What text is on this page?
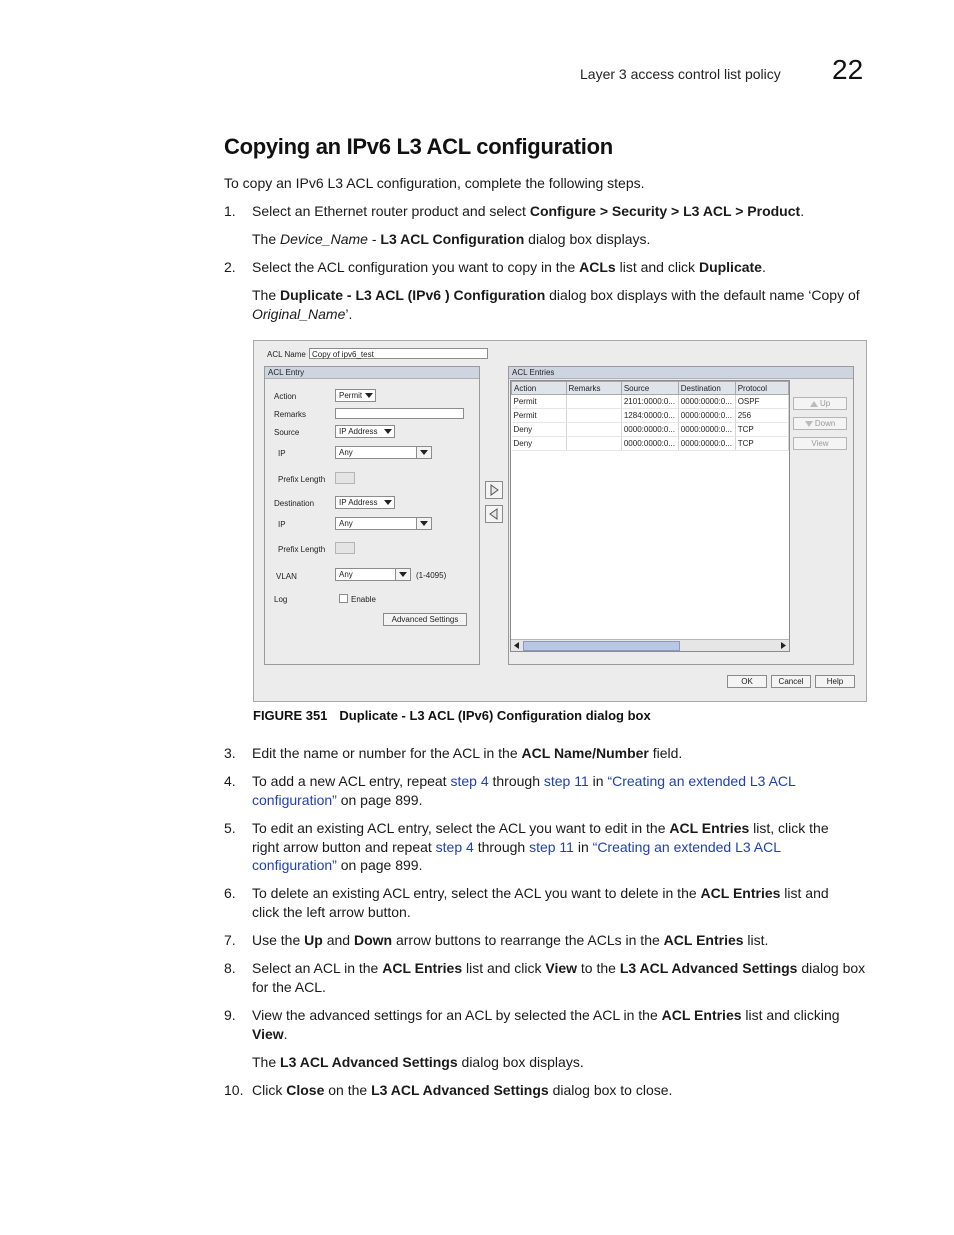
Layer 3 access control list policy 22
Copying an IPv6 L3 ACL configuration
To copy an IPv6 L3 ACL configuration, complete the following steps.
1. Select an Ethernet router product and select Configure > Security > L3 ACL > Product.
The Device_Name - L3 ACL Configuration dialog box displays.
2. Select the ACL configuration you want to copy in the ACLs list and click Duplicate.
The Duplicate - L3 ACL (IPv6 ) Configuration dialog box displays with the default name ‘Copy of Original_Name’.
ACL Name Copy of ipv6_test
ACL Entry
Action	Permit
Remarks
Source	IP Address
IP	Any
Prefix Length
Destination	IP Address
IP	Any
Prefix Length
VLAN	Any	(1-4095)
Log	Enable
Advanced Settings
ACL Entries
Action	Remarks	Source	Destination	Protocol
Permit		2101:0000:0...	0000:0000:0...	OSPF
Permit		1284:0000:0...	0000:0000:0...	256
Deny		0000:0000:0...	0000:0000:0...	TCP
Deny		0000:0000:0...	0000:0000:0...	TCP
Up
Down
View
OK	Cancel	Help
FIGURE 351 Duplicate - L3 ACL (IPv6) Configuration dialog box
3. Edit the name or number for the ACL in the ACL Name/Number field.
4. To add a new ACL entry, repeat step 4 through step 11 in “Creating an extended L3 ACL
configuration” on page 899.
5. To edit an existing ACL entry, select the ACL you want to edit in the ACL Entries list, click the
right arrow button and repeat step 4 through step 11 in “Creating an extended L3 ACL
configuration” on page 899.
6. To delete an existing ACL entry, select the ACL you want to delete in the ACL Entries list and
click the left arrow button.
7. Use the Up and Down arrow buttons to rearrange the ACLs in the ACL Entries list.
8. Select an ACL in the ACL Entries list and click View to the L3 ACL Advanced Settings dialog box
for the ACL.
9. View the advanced settings for an ACL by selected the ACL in the ACL Entries list and clicking
View.
The L3 ACL Advanced Settings dialog box displays.
10. Click Close on the L3 ACL Advanced Settings dialog box to close.
